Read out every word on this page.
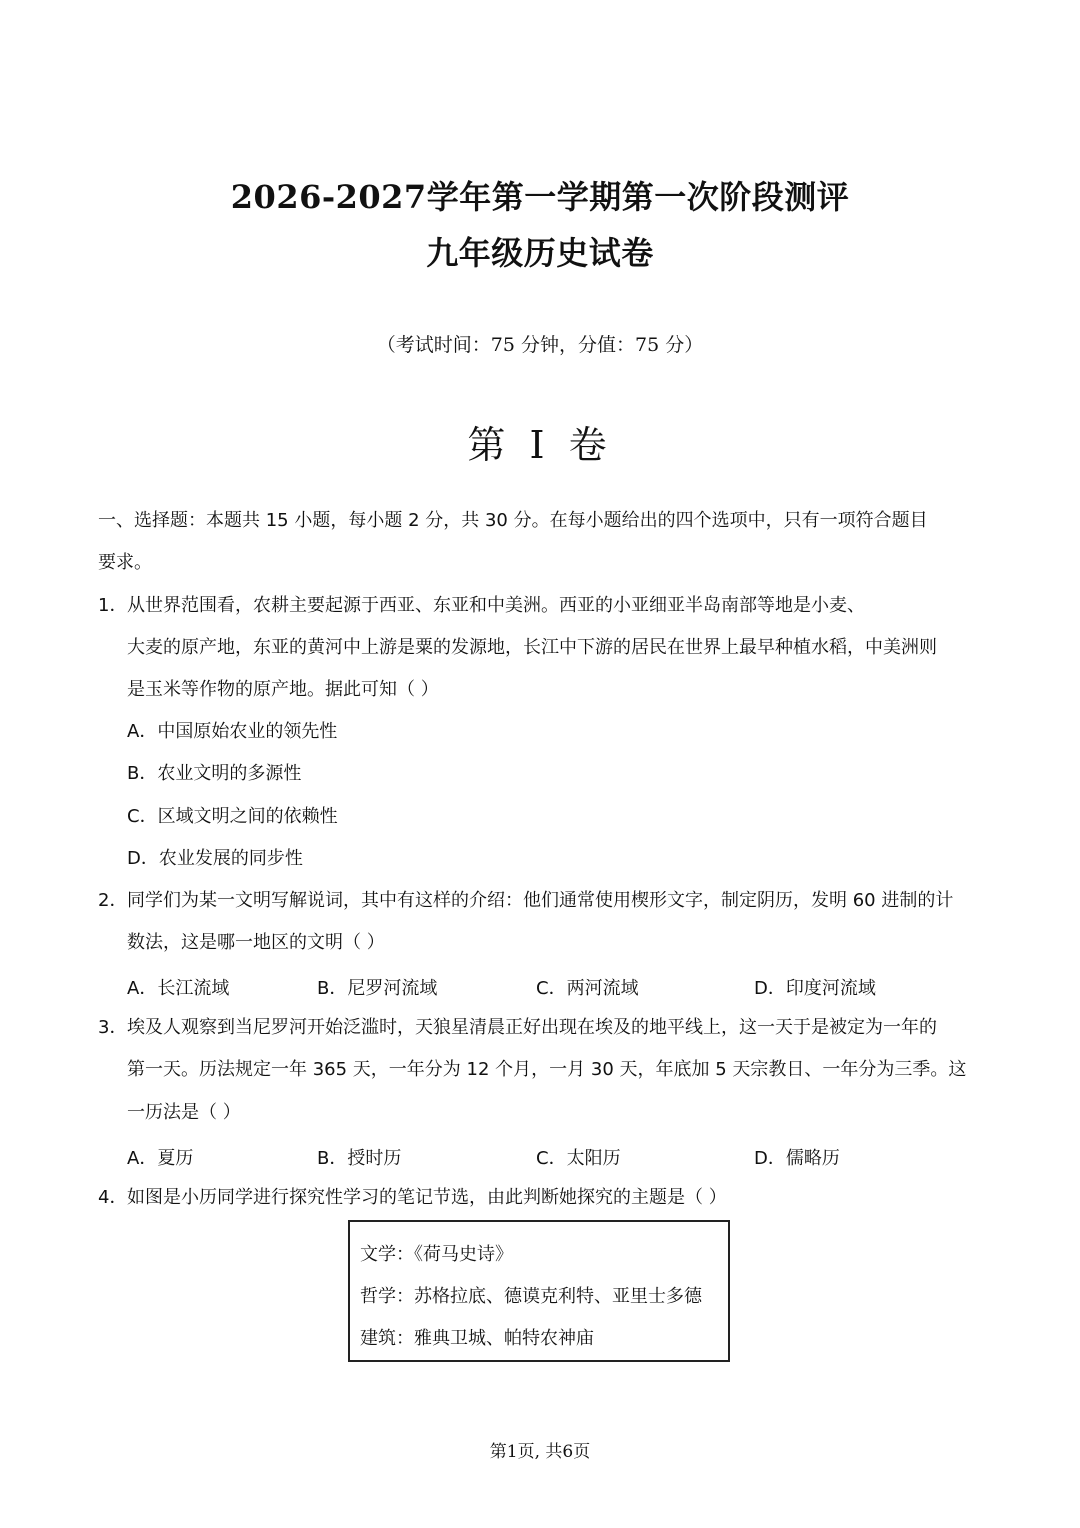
2026-2027学年第一学期第一次阶段测评
九年级历史试卷
（考试时间：75 分钟，分值：75 分）
第 I 卷
一、选择题：本题共 15 小题，每小题 2 分，共 30 分。在每小题给出的四个选项中，只有一项符合题目
要求。
1． 从世界范围看，农耕主要起源于西亚、东亚和中美洲。西亚的小亚细亚半岛南部等地是小麦、
大麦的原产地，东亚的黄河中上游是粟的发源地，长江中下游的居民在世界上最早种植水稻，中美洲则
是玉米等作物的原产地。据此可知（ ）
A．中国原始农业的领先性
B．农业文明的多源性
C．区域文明之间的依赖性
D．农业发展的同步性
2． 同学们为某一文明写解说词，其中有这样的介绍：他们通常使用楔形文字，制定阴历，发明 60 进制的计
数法，这是哪一地区的文明（ ）
A．长江流域	B．尼罗河流域	C．两河流域	D．印度河流域
3． 埃及人观察到当尼罗河开始泛滥时，天狼星清晨正好出现在埃及的地平线上，这一天于是被定为一年的
第一天。历法规定一年 365 天，一年分为 12 个月，一月 30 天，年底加 5 天宗教日、一年分为三季。这
一历法是（ ）
A．夏历	B．授时历	C．太阳历	D．儒略历
4． 如图是小历同学进行探究性学习的笔记节选，由此判断她探究的主题是（ ）
文学：《荷马史诗》
哲学：苏格拉底、德谟克利特、亚里士多德
建筑：雅典卫城、帕特农神庙
第1页, 共6页
